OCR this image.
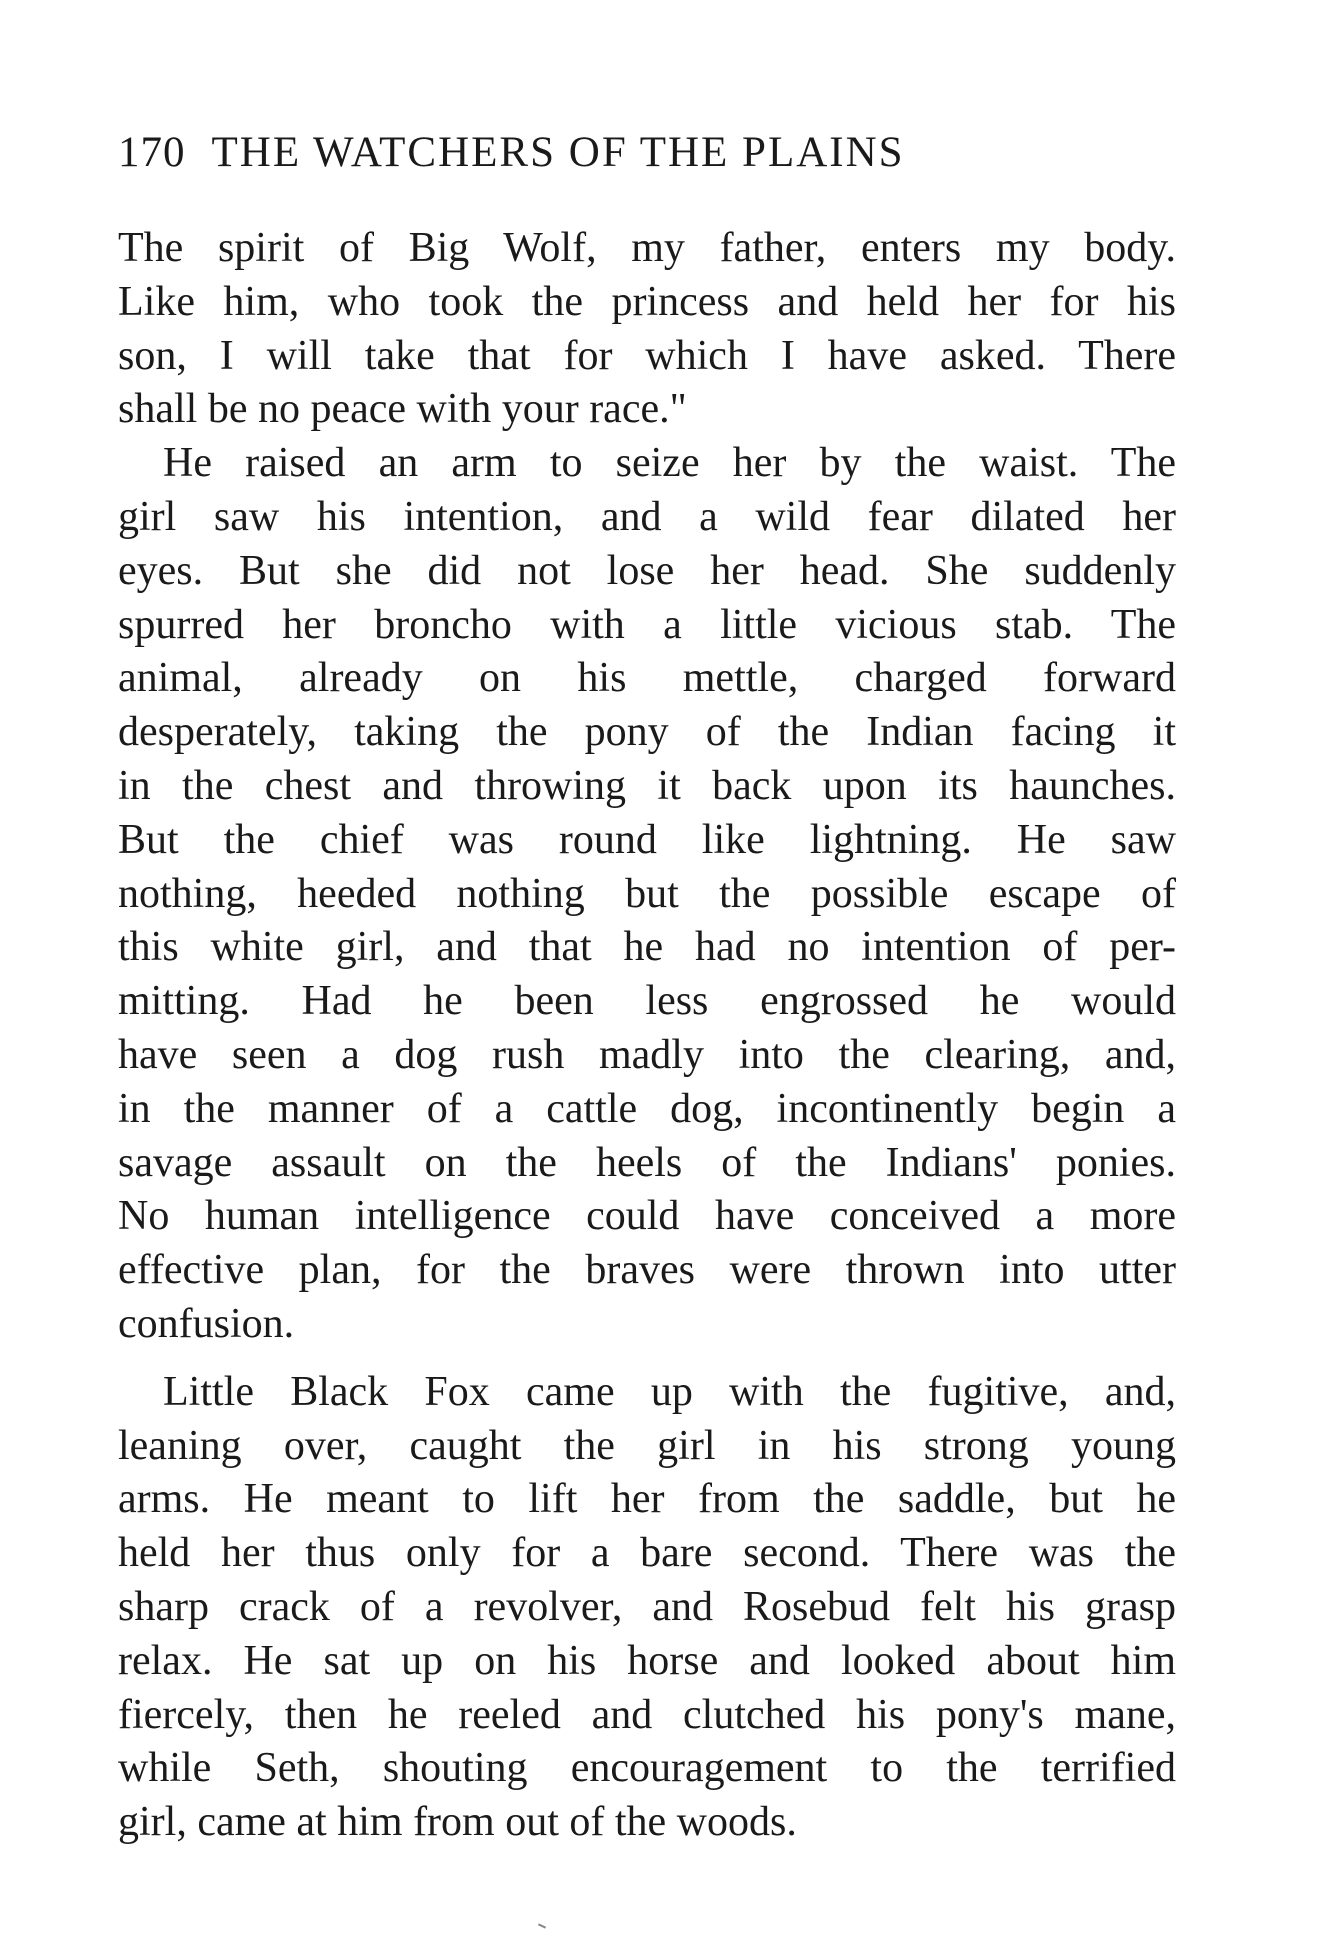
170 THE WATCHERS OF THE PLAINS
The spirit of Big Wolf, my father, enters my body.
Like him, who took the princess and held her for his
son, I will take that for which I have asked. There
shall be no peace with your race."
He raised an arm to seize her by the waist. The
girl saw his intention, and a wild fear dilated her
eyes. But she did not lose her head. She suddenly
spurred her broncho with a little vicious stab. The
animal, already on his mettle, charged forward
desperately, taking the pony of the Indian facing it
in the chest and throwing it back upon its haunches.
But the chief was round like lightning. He saw
nothing, heeded nothing but the possible escape of
this white girl, and that he had no intention of per-
mitting. Had he been less engrossed he would
have seen a dog rush madly into the clearing, and,
in the manner of a cattle dog, incontinently begin a
savage assault on the heels of the Indians' ponies.
No human intelligence could have conceived a more
effective plan, for the braves were thrown into utter
confusion.
Little Black Fox came up with the fugitive, and,
leaning over, caught the girl in his strong young
arms. He meant to lift her from the saddle, but he
held her thus only for a bare second. There was the
sharp crack of a revolver, and Rosebud felt his grasp
relax. He sat up on his horse and looked about him
fiercely, then he reeled and clutched his pony's mane,
while Seth, shouting encouragement to the terrified
girl, came at him from out of the woods.
